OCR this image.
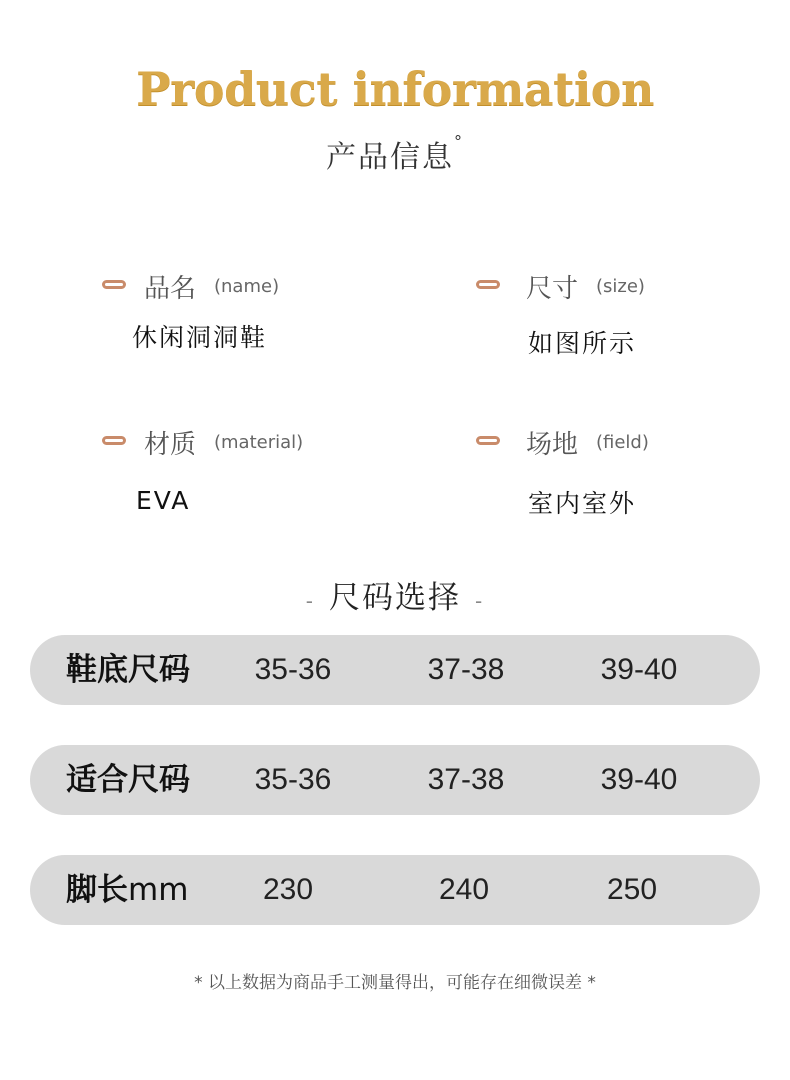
Product information
产品信息°
品名 (name)
休闲洞洞鞋
尺寸 (size)
如图所示
材质 (material)
EVA
场地 (field)
室内室外
- 尺码选择 -
鞋底尺码	35-36	37-38	39-40
适合尺码	35-36	37-38	39-40
脚长mm	230	240	250
* 以上数据为商品手工测量得出，可能存在细微误差 *
